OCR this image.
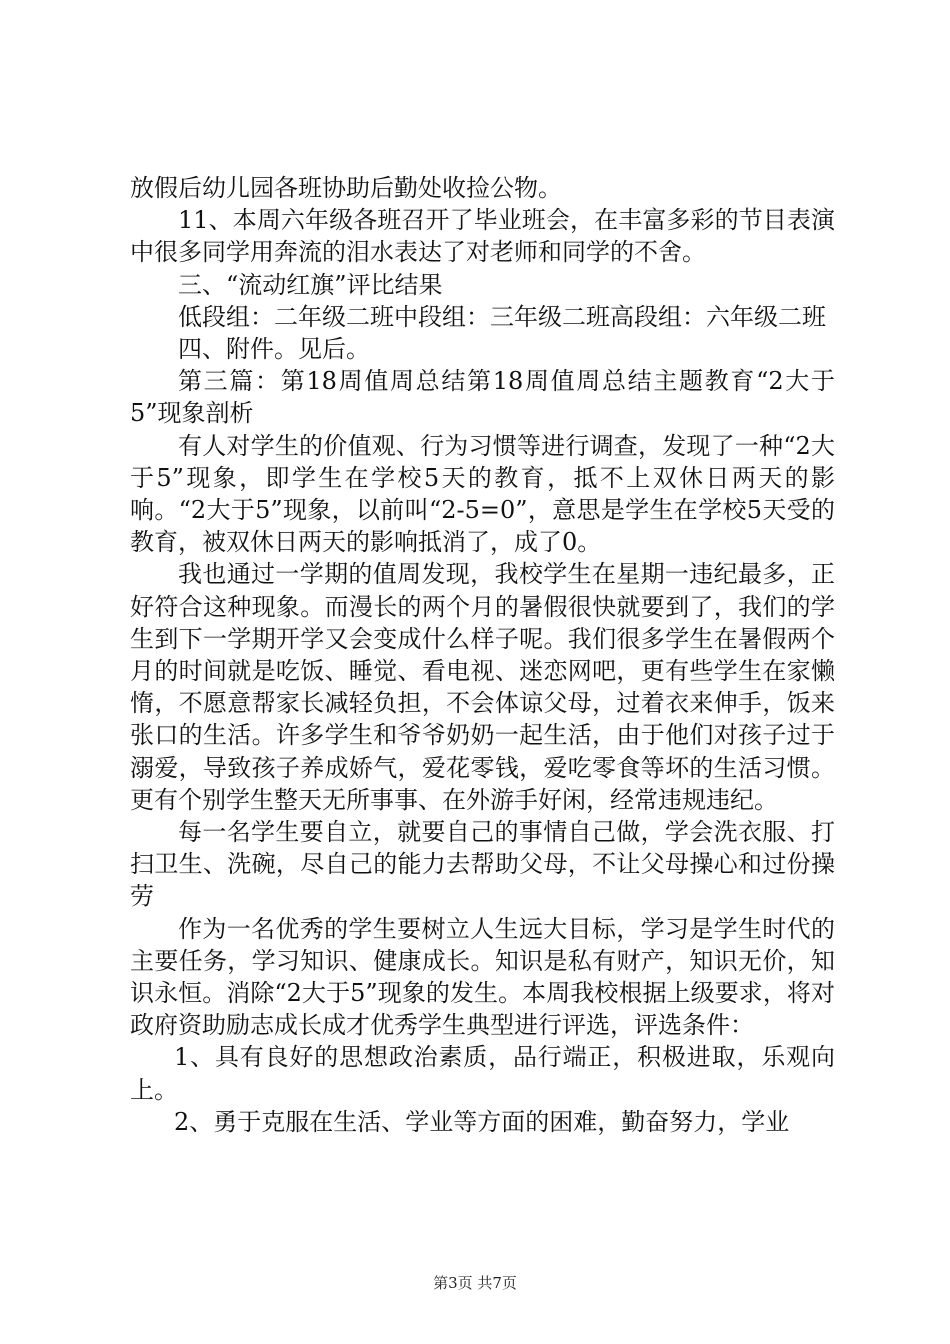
放假后幼儿园各班协助后勤处收捡公物。

11、本周六年级各班召开了毕业班会，在丰富多彩的节目表演中很多同学用奔流的泪水表达了对老师和同学的不舍。

三、“流动红旗”评比结果

低段组：二年级二班中段组：三年级二班高段组：六年级二班

四、附件。见后。

第三篇：第18周值周总结第18周值周总结主题教育“2大于5”现象剖析

有人对学生的价值观、行为习惯等进行调查，发现了一种“2大于5”现象，即学生在学校5天的教育，抵不上双休日两天的影响。“2大于5”现象，以前叫“2-5=0”，意思是学生在学校5天受的教育，被双休日两天的影响抵消了，成了0。

我也通过一学期的值周发现，我校学生在星期一违纪最多，正好符合这种现象。而漫长的两个月的暑假很快就要到了，我们的学生到下一学期开学又会变成什么样子呢。我们很多学生在暑假两个月的时间就是吃饭、睡觉、看电视、迷恋网吧，更有些学生在家懒惰，不愿意帮家长减轻负担，不会体谅父母，过着衣来伸手，饭来张口的生活。许多学生和爷爷奶奶一起生活，由于他们对孩子过于溺爱，导致孩子养成娇气，爱花零钱，爱吃零食等坏的生活习惯。更有个别学生整天无所事事、在外游手好闲，经常违规违纪。

每一名学生要自立，就要自己的事情自己做，学会洗衣服、打扫卫生、洗碗，尽自己的能力去帮助父母，不让父母操心和过份操劳

作为一名优秀的学生要树立人生远大目标，学习是学生时代的主要任务，学习知识、健康成长。知识是私有财产，知识无价，知识永恒。消除“2大于5”现象的发生。本周我校根据上级要求，将对政府资助励志成长成才优秀学生典型进行评选，评选条件：

1、具有良好的思想政治素质，品行端正，积极进取，乐观向上。

2、勇于克服在生活、学业等方面的困难，勤奋努力，学业

第3页 共7页
